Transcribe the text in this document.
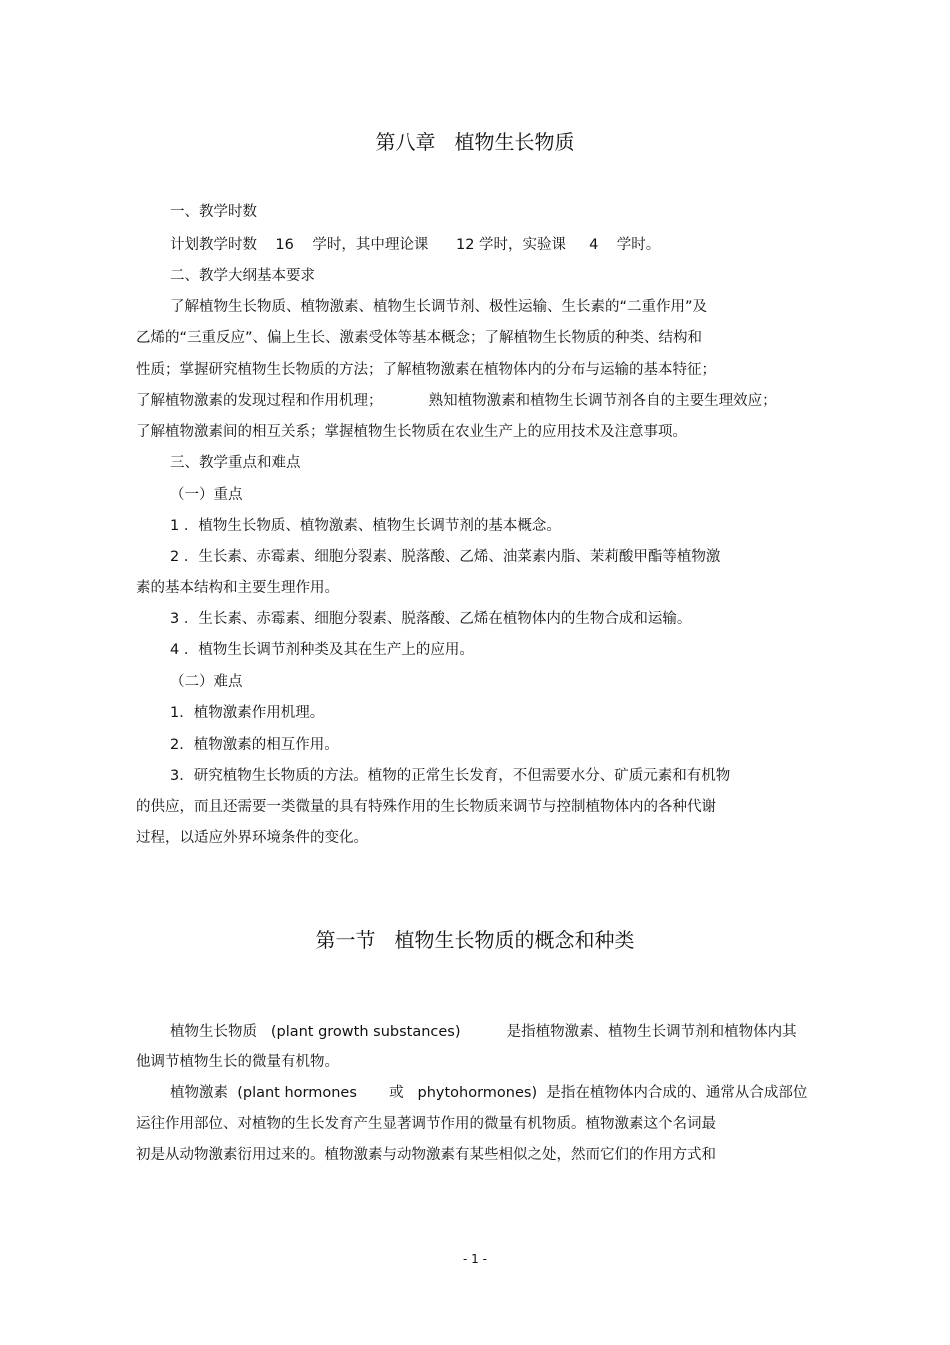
第八章   植物生长物质
一、教学时数
计划教学时数    16    学时，其中理论课      12 学时，实验课     4    学时。
二、教学大纲基本要求
了解植物生长物质、植物激素、植物生长调节剂、极性运输、生长素的“二重作用”及
乙烯的“三重反应”、偏上生长、激素受体等基本概念；了解植物生长物质的种类、结构和
性质；掌握研究植物生长物质的方法；了解植物激素在植物体内的分布与运输的基本特征；
了解植物激素的发现过程和作用机理；          熟知植物激素和植物生长调节剂各自的主要生理效应；
了解植物激素间的相互关系；掌握植物生长物质在农业生产上的应用技术及注意事项。
三、教学重点和难点
（一）重点
1 ．植物生长物质、植物激素、植物生长调节剂的基本概念。
2 ．生长素、赤霉素、细胞分裂素、脱落酸、乙烯、油菜素内脂、茉莉酸甲酯等植物激
素的基本结构和主要生理作用。
3 ．生长素、赤霉素、细胞分裂素、脱落酸、乙烯在植物体内的生物合成和运输。
4 ．植物生长调节剂种类及其在生产上的应用。
（二）难点
1．植物激素作用机理。
2．植物激素的相互作用。
3．研究植物生长物质的方法。植物的正常生长发育，不但需要水分、矿质元素和有机物
的供应，而且还需要一类微量的具有特殊作用的生长物质来调节与控制植物体内的各种代谢
过程，以适应外界环境条件的变化。
第一节   植物生长物质的概念和种类
植物生长物质   (plant growth substances)          是指植物激素、植物生长调节剂和植物体内其
他调节植物生长的微量有机物。
植物激素  (plant hormones       或   phytohormones)  是指在植物体内合成的、通常从合成部位
运往作用部位、对植物的生长发育产生显著调节作用的微量有机物质。植物激素这个名词最
初是从动物激素衍用过来的。植物激素与动物激素有某些相似之处，然而它们的作用方式和
- 1 -
